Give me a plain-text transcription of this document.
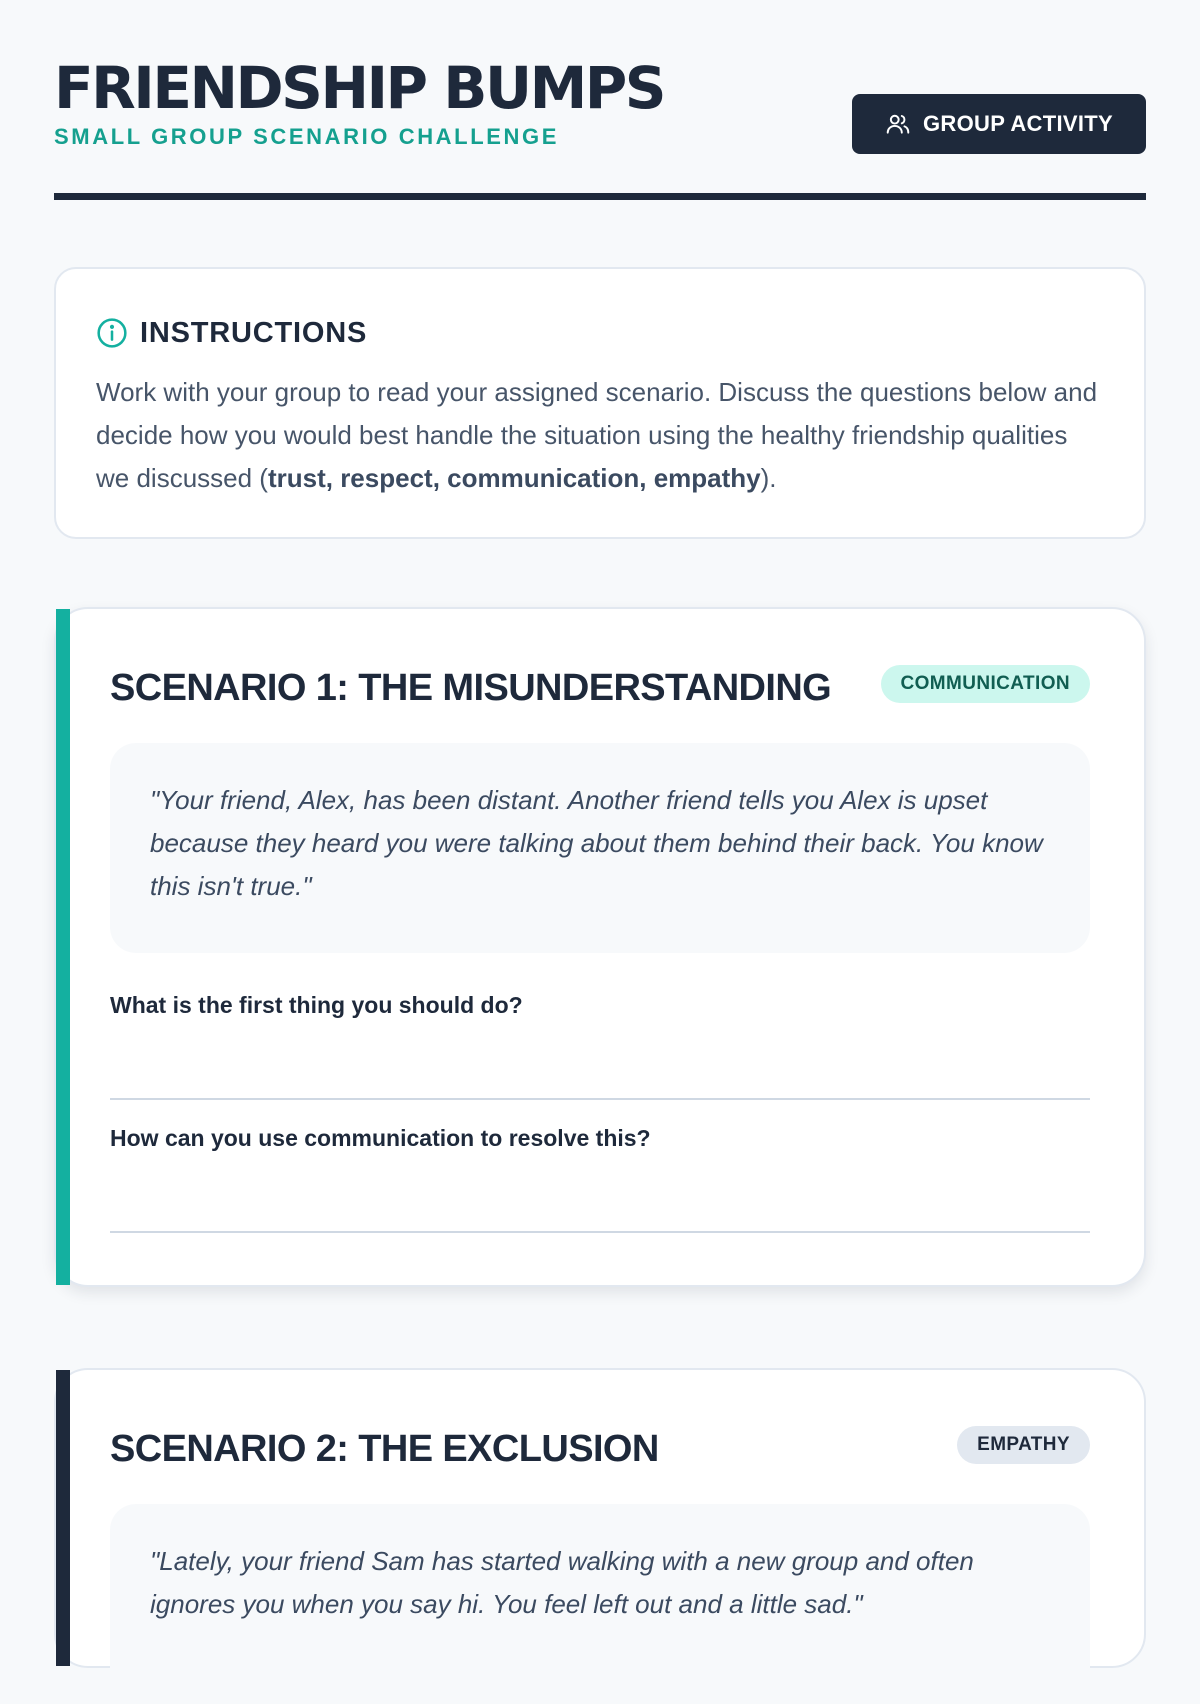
FRIENDSHIP BUMPS
SMALL GROUP SCENARIO CHALLENGE
GROUP ACTIVITY
INSTRUCTIONS

Work with your group to read your assigned scenario. Discuss the questions below and decide how you would best handle the situation using the healthy friendship qualities we discussed (trust, respect, communication, empathy).

SCENARIO 1: THE MISUNDERSTANDING	COMMUNICATION
"Your friend, Alex, has been distant. Another friend tells you Alex is upset because they heard you were talking about them behind their back. You know this isn't true."
What is the first thing you should do?
How can you use communication to resolve this?
SCENARIO 2: THE EXCLUSION	EMPATHY
"Lately, your friend Sam has started walking with a new group and often ignores you when you say hi. You feel left out and a little sad."
